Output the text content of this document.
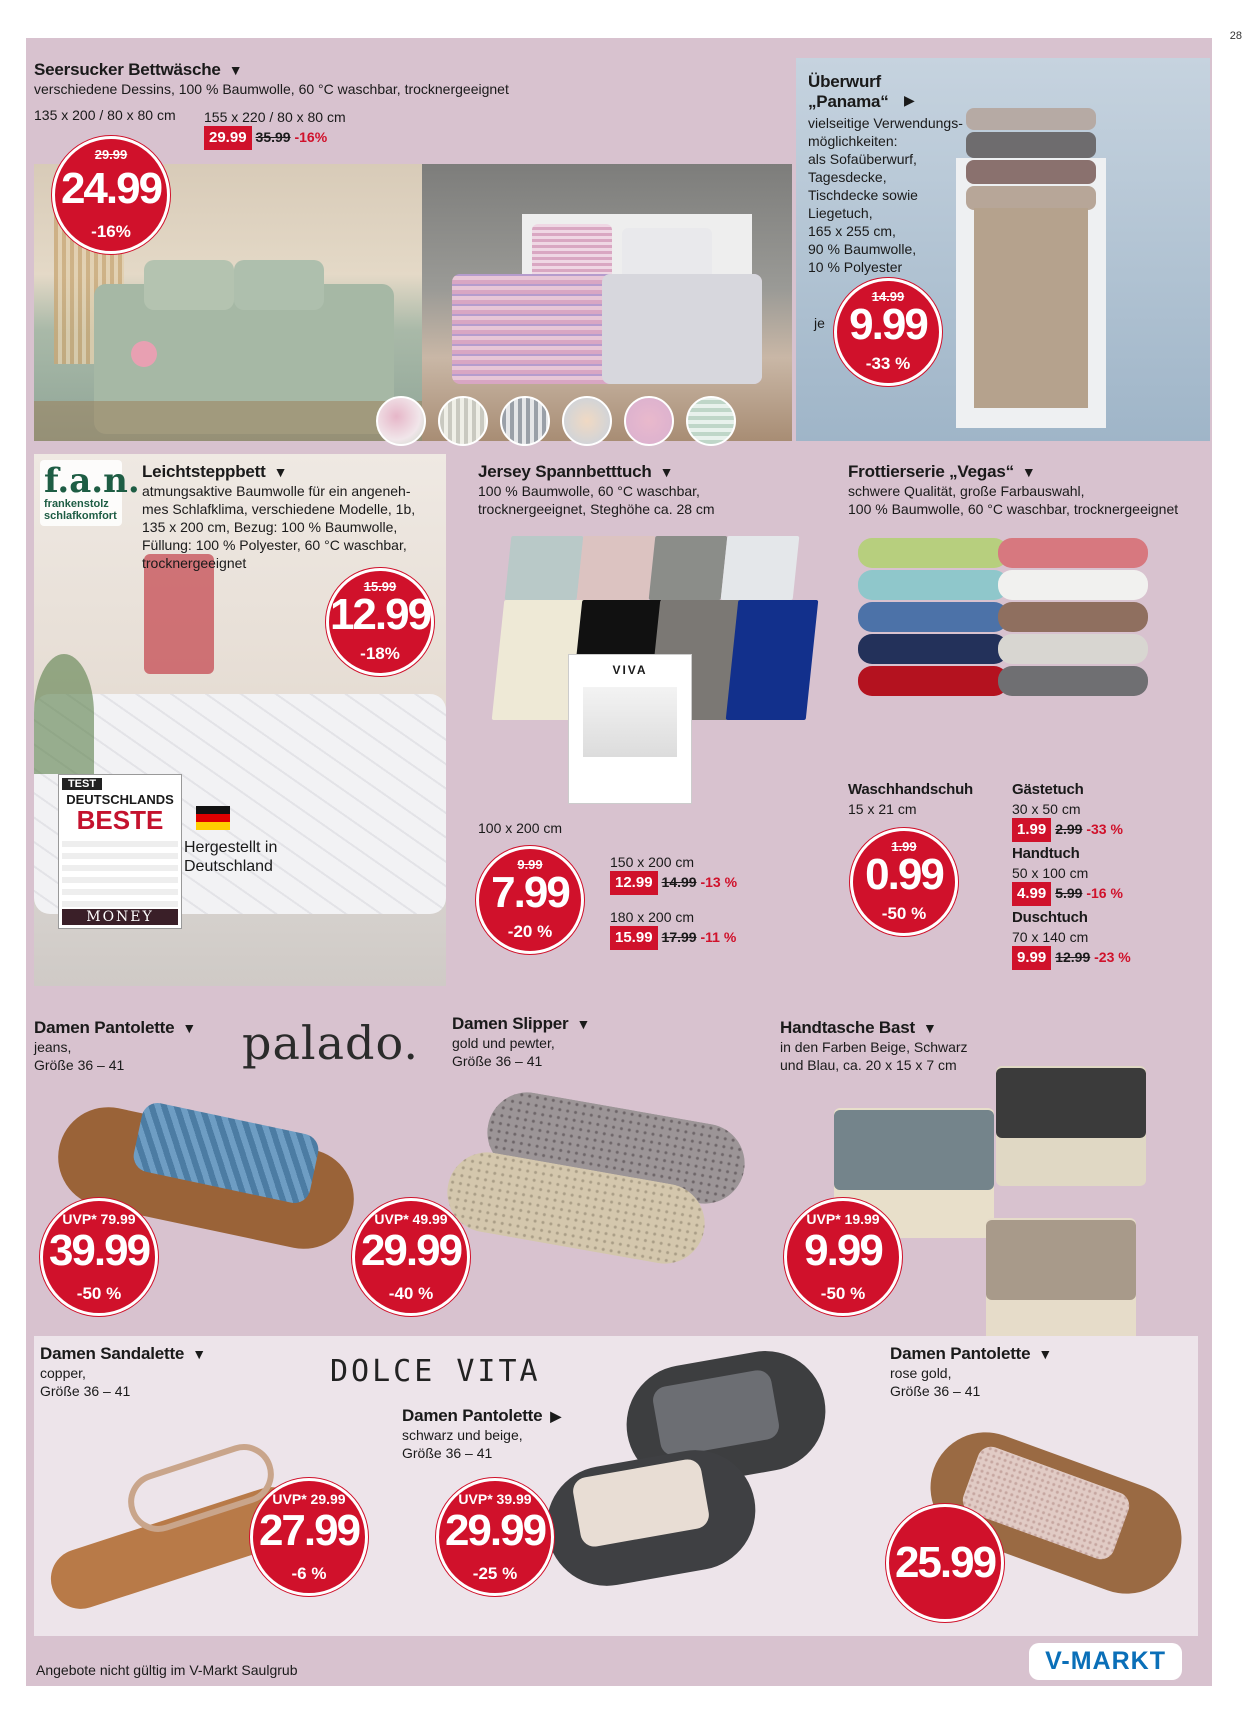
28
Seersucker Bettwäsche ▼
verschiedene Dessins, 100 % Baumwolle, 60 °C waschbar, trocknergeeignet
135 x 200 / 80 x 80 cm 155 x 220 / 80 x 80 cm
29.99 35.99 -16%
29.99
24.99
-16%
Überwurf „Panama“	▶
vielseitige Verwendungs-
möglichkeiten:
als Sofaüberwurf,
Tagesdecke,
Tischdecke sowie
Liegetuch,
165 x 255 cm,
90 % Baumwolle,
10 % Polyester
je
14.99
9.99
-33 %
f.a.n.
frankenstolz
schlafkomfort
Leichtsteppbett ▼
atmungsaktive Baumwolle für ein angeneh-
mes Schlafklima, verschiedene Modelle, 1b,
135 x 200 cm, Bezug: 100 % Baumwolle,
Füllung: 100 % Polyester, 60 °C waschbar,
trocknergeeignet
15.99
12.99
-18%
TEST
DEUTSCHLANDS
BESTE
MONEY
Hergestellt in
Deutschland
Jersey Spannbetttuch ▼
100 % Baumwolle, 60 °C waschbar,
trocknergeeignet, Steghöhe ca. 28 cm
VIVA
100 x 200 cm
9.99
7.99
-20 %
150 x 200 cm
12.99 14.99 -13 %
180 x 200 cm
15.99 17.99 -11 %
Frottierserie „Vegas“ ▼
schwere Qualität, große Farbauswahl,
100 % Baumwolle, 60 °C waschbar, trocknergeeignet
Waschhandschuh
15 x 21 cm
1.99
0.99
-50 %
Gästetuch
30 x 50 cm
1.99 2.99 -33 %
Handtuch
50 x 100 cm
4.99 5.99 -16 %
Duschtuch
70 x 140 cm
9.99 12.99 -23 %
Damen Pantolette ▼
jeans,
Größe 36 – 41	palado.
UVP* 79.99
39.99
-50 %
Damen Slipper ▼
gold und pewter,
Größe 36 – 41
UVP* 49.99
29.99
-40 %
Handtasche Bast ▼
in den Farben Beige, Schwarz
und Blau, ca. 20 x 15 x 7 cm
UVP* 19.99
9.99
-50 %
Damen Sandalette ▼
copper,
Größe 36 – 41
UVP* 29.99
27.99
-6 %
DOLCE VITA
Damen Pantolette ▶
schwarz und beige,
Größe 36 – 41
UVP* 39.99
29.99
-25 %
Damen Pantolette ▼
rose gold,
Größe 36 – 41
25.99
Angebote nicht gültig im V-Markt Saulgrub	V-MARKT
